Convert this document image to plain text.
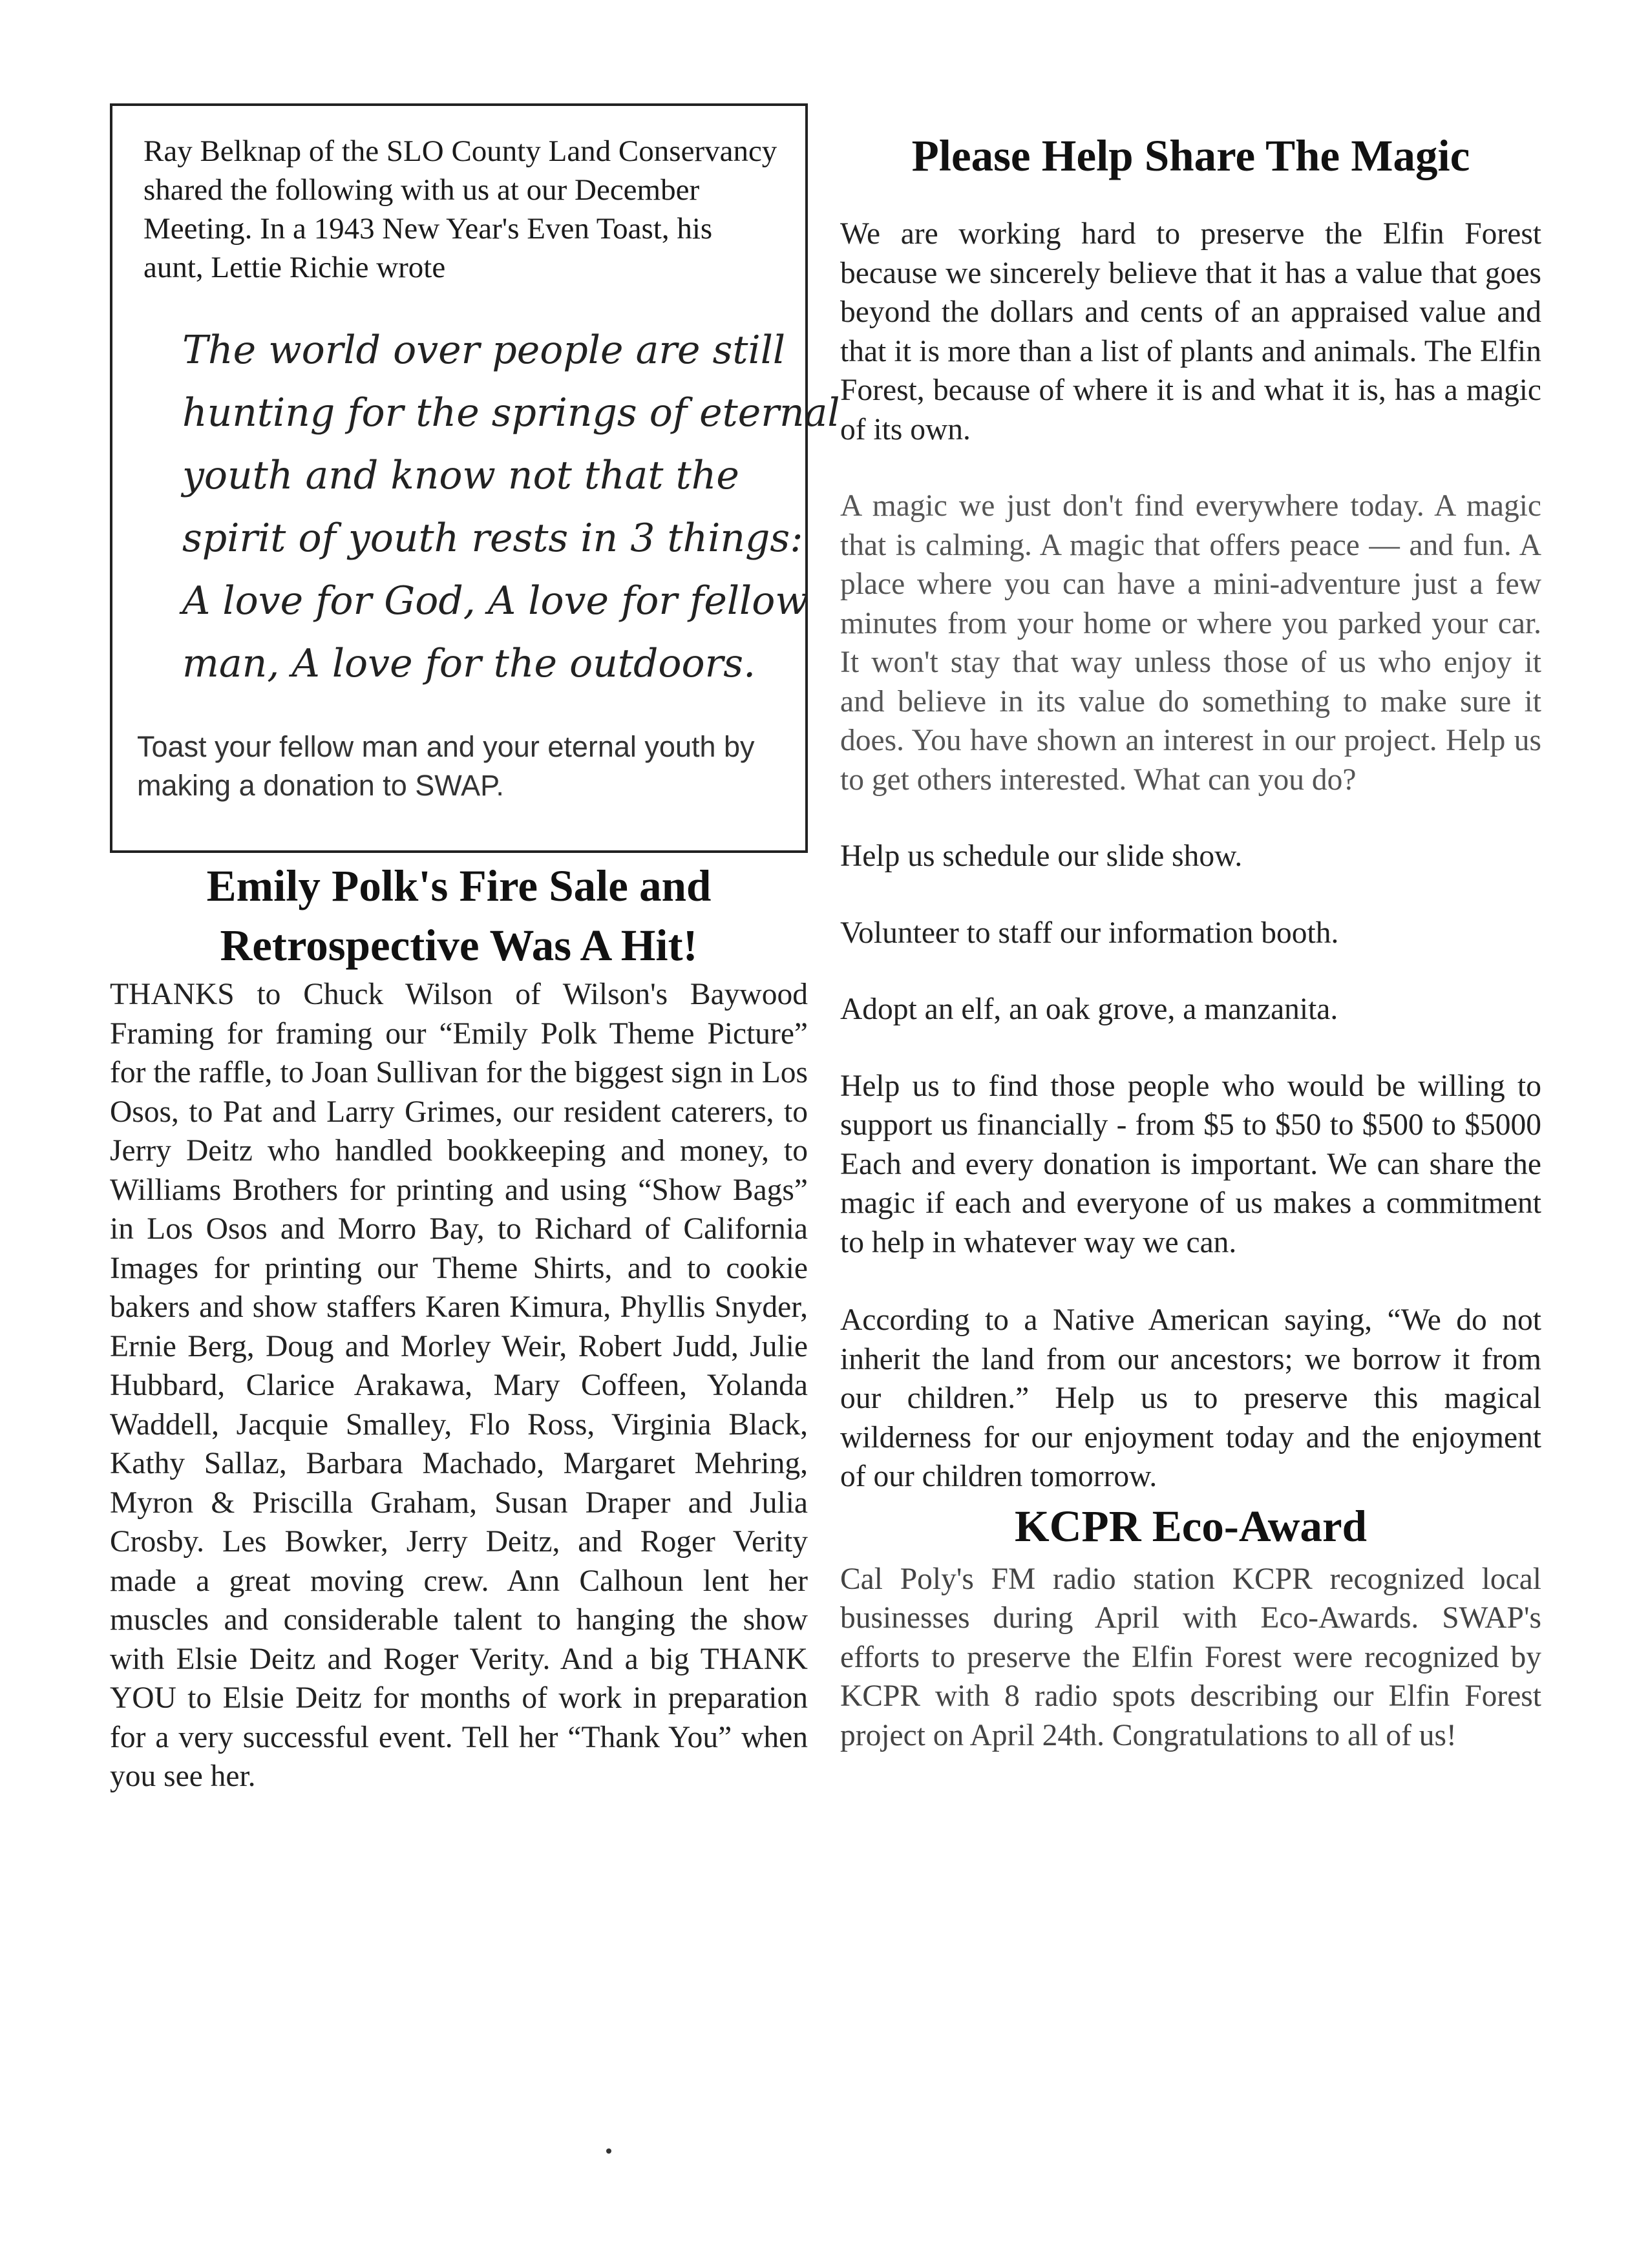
Ray Belknap of the SLO County Land Conservancy shared the following with us at our December Meeting. In a 1943 New Year's Even Toast, his aunt, Lettie Richie wrote

The world over people are still
hunting for the springs of eternal
youth and know not that the
spirit of youth rests in 3 things:
A love for God, A love for fellow
man, A love for the outdoors.

Toast your fellow man and your eternal youth by making a donation to SWAP.

Emily Polk's Fire Sale and
Retrospective Was A Hit!

THANKS to Chuck Wilson of Wilson's Baywood Framing for framing our “Emily Polk Theme Picture” for the raffle, to Joan Sullivan for the biggest sign in Los Osos, to Pat and Larry Grimes, our resident caterers, to Jerry Deitz who handled bookkeeping and money, to Williams Brothers for printing and using “Show Bags” in Los Osos and Morro Bay, to Richard of California Images for printing our Theme Shirts, and to cookie bakers and show staffers Karen Kimura, Phyllis Snyder, Ernie Berg, Doug and Morley Weir, Robert Judd, Julie Hubbard, Clarice Arakawa, Mary Coffeen, Yolanda Waddell, Jacquie Smalley, Flo Ross, Virginia Black, Kathy Sallaz, Barbara Machado, Margaret Mehring, Myron & Priscilla Graham, Susan Draper and Julia Crosby. Les Bowker, Jerry Deitz, and Roger Verity made a great moving crew. Ann Calhoun lent her muscles and considerable talent to hanging the show with Elsie Deitz and Roger Verity. And a big THANK YOU to Elsie Deitz for months of work in preparation for a very successful event. Tell her “Thank You” when you see her.

Please Help Share The Magic

We are working hard to preserve the Elfin Forest because we sincerely believe that it has a value that goes beyond the dollars and cents of an appraised value and that it is more than a list of plants and animals. The Elfin Forest, because of where it is and what it is, has a magic of its own.

A magic we just don't find everywhere today. A magic that is calming. A magic that offers peace — and fun. A place where you can have a mini-adventure just a few minutes from your home or where you parked your car. It won't stay that way unless those of us who enjoy it and believe in its value do something to make sure it does. You have shown an interest in our project. Help us to get others interested. What can you do?

Help us schedule our slide show.

Volunteer to staff our information booth.

Adopt an elf, an oak grove, a manzanita.

Help us to find those people who would be willing to support us financially - from $5 to $50 to $500 to $5000 Each and every donation is important. We can share the magic if each and everyone of us makes a commitment to help in whatever way we can.

According to a Native American saying, “We do not inherit the land from our ancestors; we borrow it from our children.” Help us to preserve this magical wilderness for our enjoyment today and the enjoyment of our children tomorrow.

KCPR Eco-Award

Cal Poly's FM radio station KCPR recognized local businesses during April with Eco-Awards. SWAP's efforts to preserve the Elfin Forest were recognized by KCPR with 8 radio spots describing our Elfin Forest project on April 24th. Congratulations to all of us!
